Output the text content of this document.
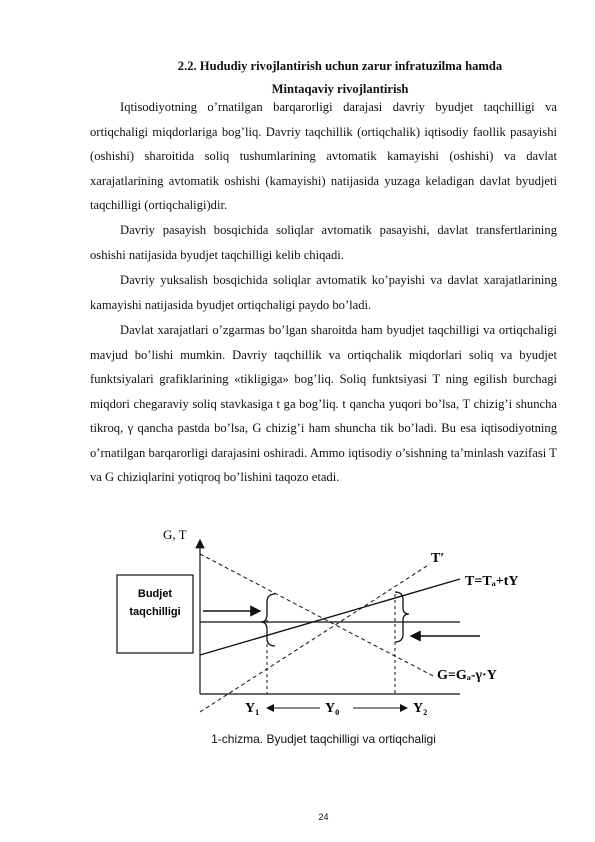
2.2. Hududiy rivojlantirish uchun zarur infratuzilma hamda
Mintaqaviy rivojlantirish

Iqtisodiyotning o’rnatilgan barqarorligi darajasi davriy byudjet taqchilligi va ortiqchaligi miqdorlariga bog’liq. Davriy taqchillik (ortiqchalik) iqtisodiy faollik pasayishi (oshishi) sharoitida soliq tushumlarining avtomatik kamayishi (oshishi) va davlat xarajatlarining avtomatik oshishi (kamayishi) natijasida yuzaga keladigan davlat byudjeti taqchilligi (ortiqchaligi)dir.

Davriy pasayish bosqichida soliqlar avtomatik pasayishi, davlat transfertlarining oshishi natijasida byudjet taqchilligi kelib chiqadi.

Davriy yuksalish bosqichida soliqlar avtomatik ko’payishi va davlat xarajatlarining kamayishi natijasida byudjet ortiqchaligi paydo bo’ladi.

Davlat xarajatlari o’zgarmas bo’lgan sharoitda ham byudjet taqchilligi va ortiqchaligi mavjud bo’lishi mumkin. Davriy taqchillik va ortiqchalik miqdorlari soliq va byudjet funktsiyalari grafiklarining «tikligiga» bog’liq. Soliq funktsiyasi T ning egilish burchagi miqdori chegaraviy soliq stavkasiga t ga bog’liq. t qancha yuqori bo’lsa, T chizig’i shuncha tikroq, γ qancha pastda bo’lsa, G chizig’i ham shuncha tik bo’ladi. Bu esa iqtisodiyotning o’rnatilgan barqarorligi darajasini oshiradi. Ammo iqtisodiy o’sishning ta’minlash vazifasi T va G chiziqlarini yotiqroq bo’lishini taqozo etadi.

G, T
T′
T=Tₐ+tY
G=Gₐ-γ·Y
Budjet
taqchilligi
Y₁	Y₀	Y₂
1-chizma. Byudjet taqchilligi va ortiqchaligi
24
